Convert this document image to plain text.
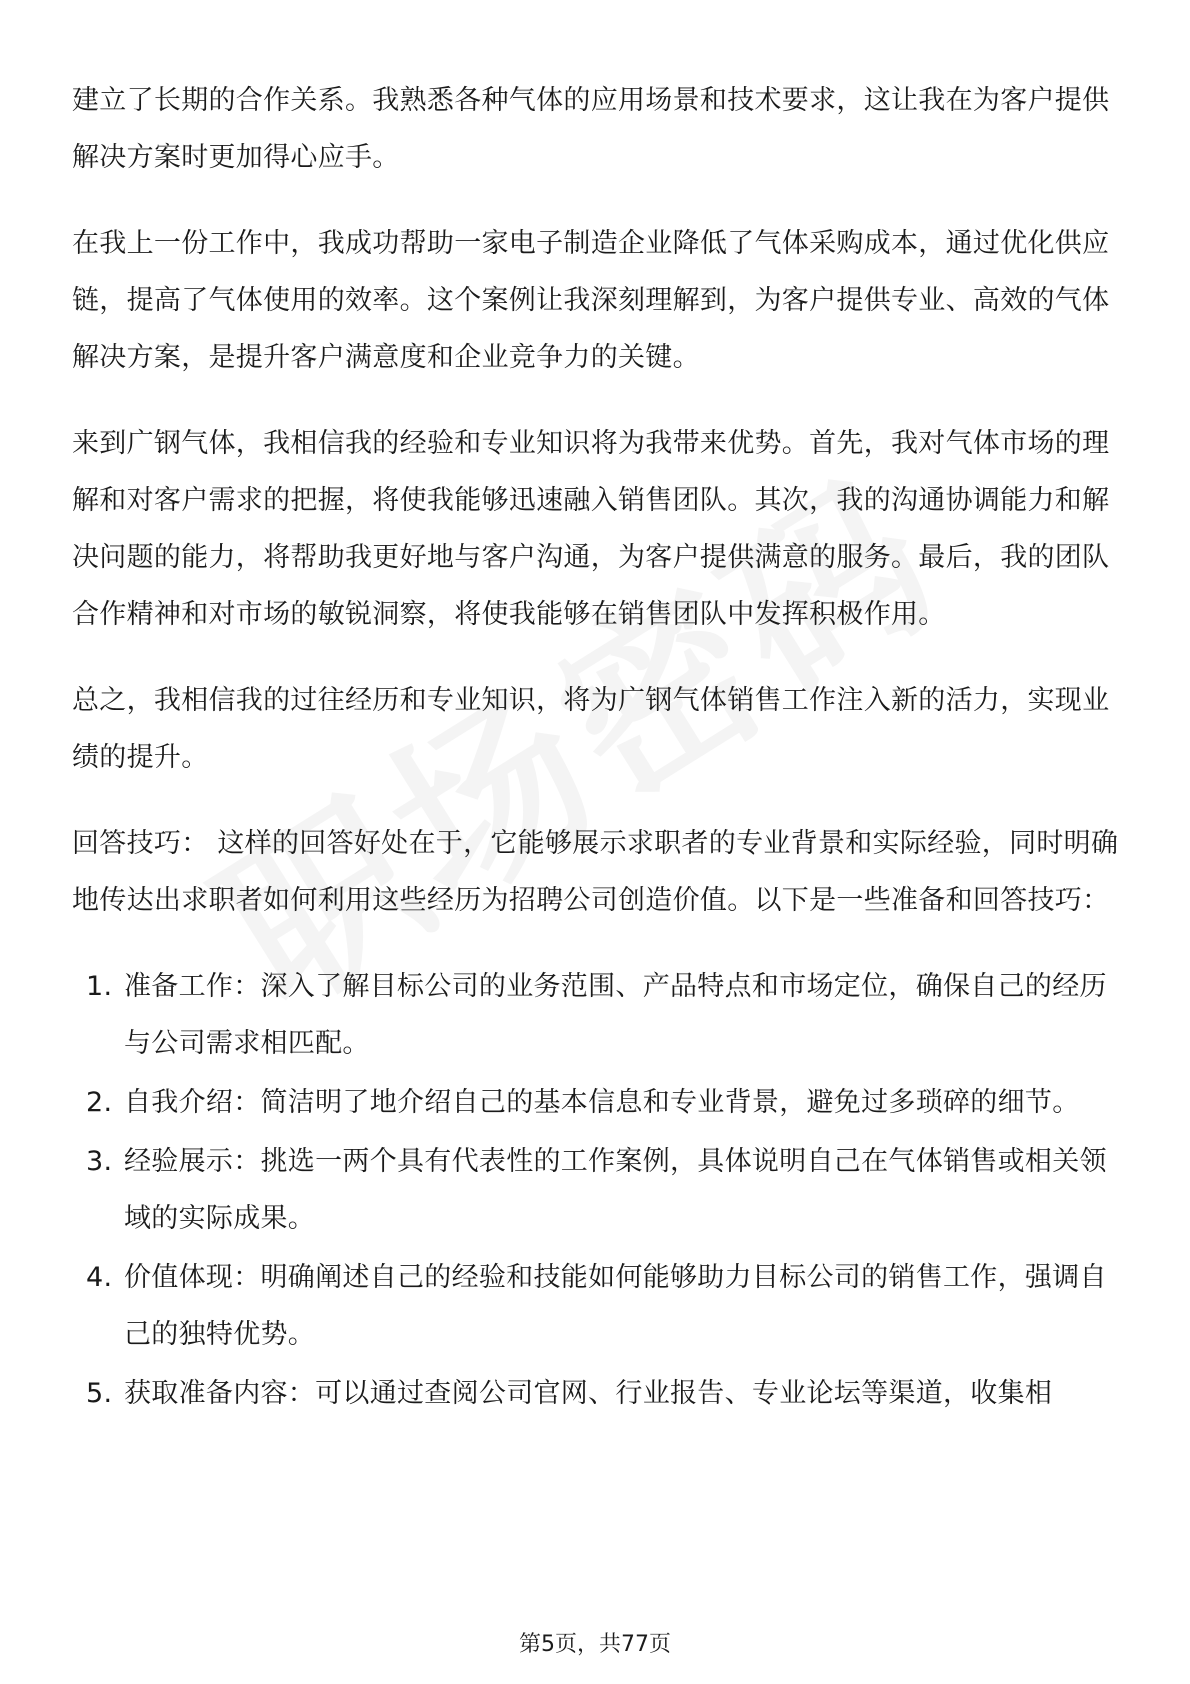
建立了长期的合作关系。我熟悉各种气体的应用场景和技术要求，这让我在为客户提供解决方案时更加得心应手。

在我上一份工作中，我成功帮助一家电子制造企业降低了气体采购成本，通过优化供应链，提高了气体使用的效率。这个案例让我深刻理解到，为客户提供专业、高效的气体解决方案，是提升客户满意度和企业竞争力的关键。

来到广钢气体，我相信我的经验和专业知识将为我带来优势。首先，我对气体市场的理解和对客户需求的把握，将使我能够迅速融入销售团队。其次，我的沟通协调能力和解决问题的能力，将帮助我更好地与客户沟通，为客户提供满意的服务。最后，我的团队合作精神和对市场的敏锐洞察，将使我能够在销售团队中发挥积极作用。

总之，我相信我的过往经历和专业知识，将为广钢气体销售工作注入新的活力，实现业绩的提升。

回答技巧： 这样的回答好处在于，它能够展示求职者的专业背景和实际经验，同时明确地传达出求职者如何利用这些经历为招聘公司创造价值。以下是一些准备和回答技巧：

1. 准备工作：深入了解目标公司的业务范围、产品特点和市场定位，确保自己的经历与公司需求相匹配。
2. 自我介绍：简洁明了地介绍自己的基本信息和专业背景，避免过多琐碎的细节。
3. 经验展示：挑选一两个具有代表性的工作案例，具体说明自己在气体销售或相关领域的实际成果。
4. 价值体现：明确阐述自己的经验和技能如何能够助力目标公司的销售工作，强调自己的独特优势。
5. 获取准备内容：可以通过查阅公司官网、行业报告、专业论坛等渠道，收集相
第5页，共77页
